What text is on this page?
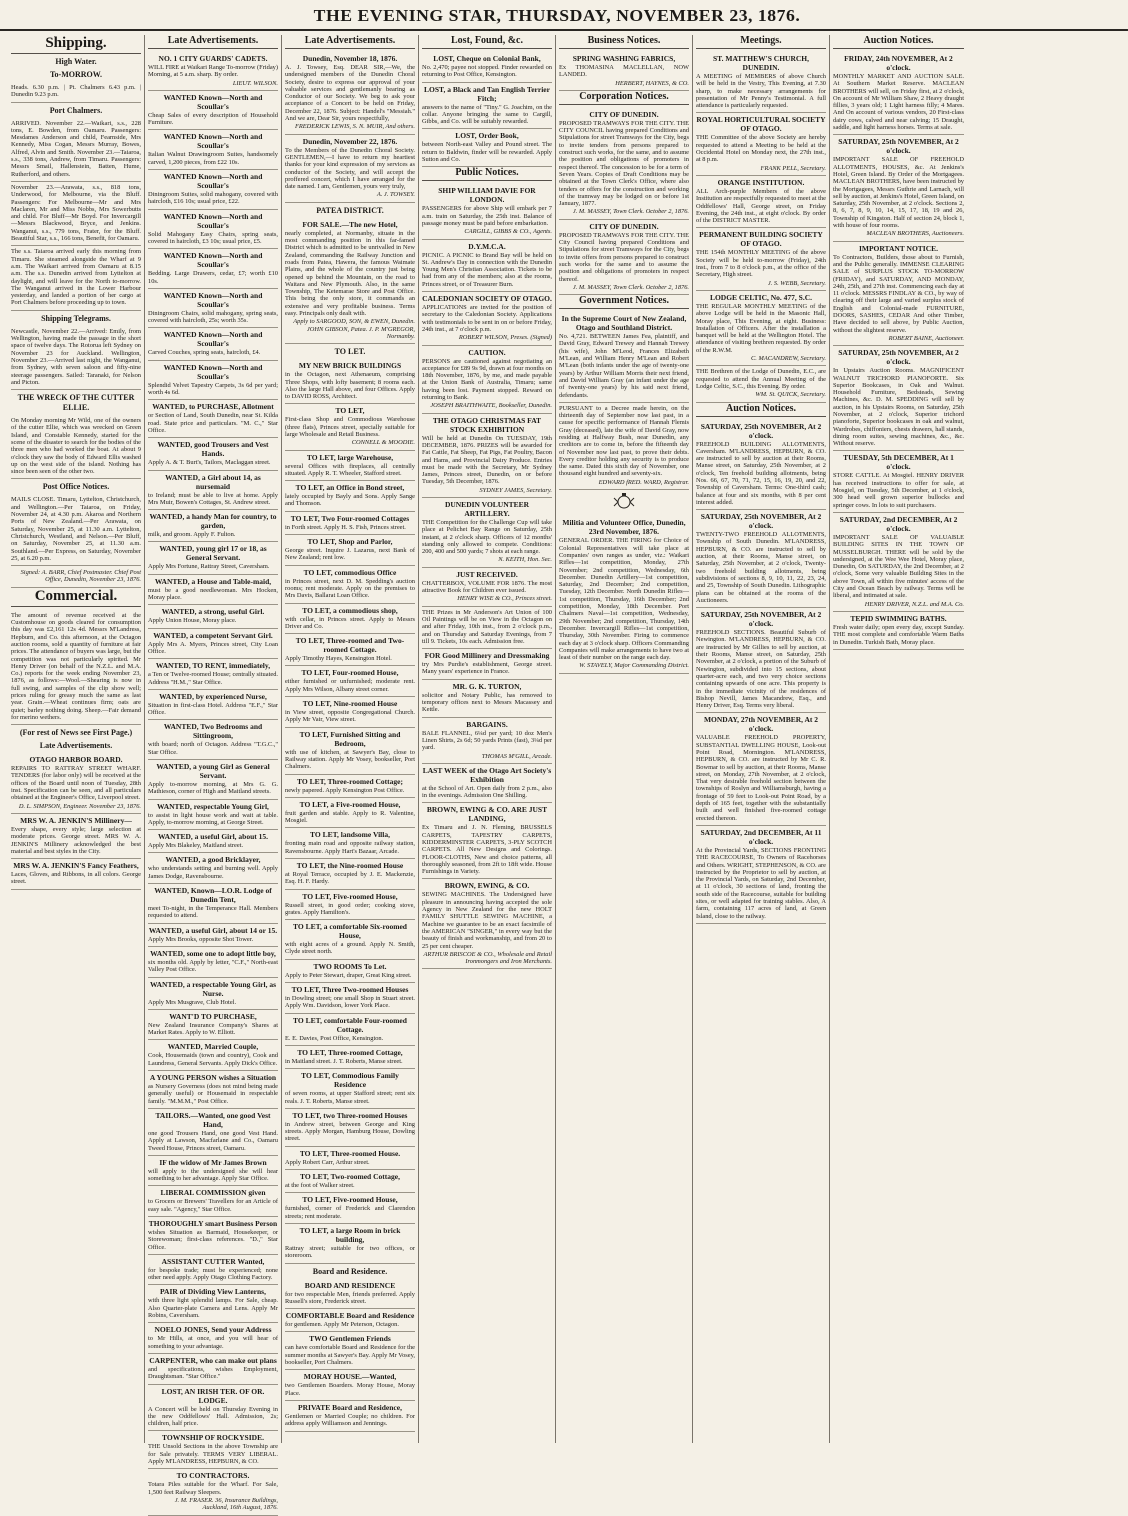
THE EVENING STAR, THURSDAY, NOVEMBER 23, 1876.
Shipping.
High Water.
To-MORROW.
Heads. 6.30 p.m. | Pt. Chalmers 6.43 p.m. | Dunedin 9.23 p.m.
Port Chalmers.
ARRIVED. November 22.—Waikari, s.s., 228 tons, E. Bowden, from Oamaru. Passengers: Mesdames Anderson and child, Fearnside, Mrs Kennedy, Miss Cogan, Messrs Murray, Bowes, Alfred, Alvin and Smith. November 23.—Taiaroa, s.s., 338 tons, Andrew, from Timaru. Passengers: Messrs Smail, Hallenstein, Batten, Hume, Rutherford, and others.
November 23.—Arawata, s.s., 818 tons, Underwood, for Melbourne, via the Bluff. Passengers: For Melbourne—Mr and Mrs Maclaren, Mr and Miss Nobbs, Mrs Sowerbutts and child. For Bluff—Mr Boyd. For Invercargill—Messrs Blackwood, Bryce, and Jenkins. Wanganui, s.s., 779 tons, Frater, for the Bluff. Beautiful Star, s.s., 166 tons, Benefit, for Oamaru.
The s.s. Taiaroa arrived early this morning from Timaru. She steamed alongside the Wharf at 9 a.m. The Waikari arrived from Oamaru at 8.15 a.m. The s.s. Dunedin arrived from Lyttelton at daylight, and will leave for the North to-morrow. The Wanganui arrived in the Lower Harbour yesterday, and landed a portion of her cargo at Port Chalmers before proceeding up to town.
Shipping Telegrams.
Newcastle, November 22.—Arrived: Emily, from Wellington, having made the passage in the short space of twelve days. The Rotorua left Sydney on November 23 for Auckland. Wellington, November 23.—Arrived last night, the Wanganui, from Sydney, with seven saloon and fifty-nine steerage passengers. Sailed: Taranaki, for Nelson and Picton.
THE WRECK OF THE CUTTER ELLIE.
On Monday morning Mr Wild, one of the owners of the cutter Ellie, which was wrecked on Green Island, and Constable Kennedy, started for the scene of the disaster to search for the bodies of the three men who had worked the boat. At about 9 o'clock they saw the body of Edward Ellis washed up on the west side of the island. Nothing has since been seen of the other two.
Post Office Notices.
MAILS CLOSE. Timaru, Lyttelton, Christchurch, and Wellington.—Per Taiaroa, on Friday, November 24, at 4.30 p.m. Akaroa and Northern Ports of New Zealand.—Per Arawata, on Saturday, November 25, at 11.30 a.m. Lyttelton, Christchurch, Westland, and Nelson.—Per Bluff, on Saturday, November 25, at 11.30 a.m. Southland.—Per Express, on Saturday, November 25, at 6.20 p.m.
Signed: A. BARR, Chief Postmaster. Chief Post Office, Dunedin, November 23, 1876.
Commercial.
The amount of revenue received at the Customhouse on goods cleared for consumption this day was £2,161 12s 4d. Messrs M'Landress, Hepburn, and Co. this afternoon, at the Octagon auction rooms, sold a quantity of furniture at fair prices. The attendance of buyers was large, but the competition was not particularly spirited. Mr Henry Driver (on behalf of the N.Z.L. and M.A. Co.) reports for the week ending November 23, 1876, as follows:—Wool.—Shearing is now in full swing, and samples of the clip show well; prices ruling for greasy much the same as last year. Grain.—Wheat continues firm; oats are quiet; barley nothing doing. Sheep.—Fair demand for merino wethers.
(For rest of News see First Page.)
Late Advertisements.
OTAGO HARBOR BOARD.
REPAIRS TO RATTRAY STREET WHARF. TENDERS (for labor only) will be received at the offices of the Board until noon of Tuesday, 28th inst. Specification can be seen, and all particulars obtained at the Engineer's Office, Liverpool street.
D. L. SIMPSON, Engineer. November 23, 1876.
MRS W. A. JENKIN'S Millinery—
Every shape, every style; large selection at moderate prices. George street. MRS W. A. JENKIN'S Millinery acknowledged the best material and best styles in the City.
MRS W. A. JENKIN'S Fancy Feathers,
Laces, Gloves, and Ribbons, in all colors. George street.
Late Advertisements.
NO. 1 CITY GUARDS' CADETS.
WILL FIRE at Waikari Range To-morrow (Friday) Morning, at 5 a.m. sharp. By order.
LIEUT. WILSON.
WANTED Known—North and Scoullar's
Cheap Sales of every description of Household Furniture.
WANTED Known—North and Scoullar's
Italian Walnut Drawingroom Suites, handsomely carved, 1,200 pieces, from £22 10s.
WANTED Known—North and Scoullar's
Diningroom Suites, solid mahogany, covered with haircloth, £16 10s; usual price, £22.
WANTED Known—North and Scoullar's
Solid Mahogany Easy Chairs, spring seats, covered in haircloth, £3 10s; usual price, £5.
WANTED Known—North and Scoullar's
Bedding. Large Drawers, cedar, £7; worth £10 10s.
WANTED Known—North and Scoullar's
Diningroom Chairs, solid mahogany, spring seats, covered with haircloth, 25s; worth 35s.
WANTED Known—North and Scoullar's
Carved Couches, spring seats, haircloth, £4.
WANTED Known—North and Scoullar's
Splendid Velvet Tapestry Carpets, 3s 6d per yard; worth 4s 6d.
WANTED, to PURCHASE, Allotment
or Section of Land, South Dunedin, near St. Kilda road. State price and particulars. "M. C.," Star Office.
WANTED, good Trousers and Vest Hands.
Apply A. & T. Burt's, Tailors, Maclaggan street.
WANTED, a Girl about 14, as nursemaid
to Ireland; must be able to live at home. Apply Mrs Muir, Bowen's Cottages, St. Andrew street.
WANTED, a handy Man for country, to garden,
milk, and groom. Apply F. Fulton.
WANTED, young girl 17 or 18, as General Servant.
Apply Mrs Fortune, Rattray Street, Caversham.
WANTED, a House and Table-maid,
must be a good needlewoman. Mrs Hocken, Moray place.
WANTED, a strong, useful Girl.
Apply Union House, Moray place.
WANTED, a competent Servant Girl.
Apply Mrs A. Myers, Princes street, City Loan Office.
WANTED, TO RENT, immediately,
a Ten or Twelve-roomed House; centrally situated. Address "H.M.," Star Office.
WANTED, by experienced Nurse,
Situation in first-class Hotel. Address "E.F.," Star Office.
WANTED, Two Bedrooms and Sittingroom,
with board; north of Octagon. Address "T.G.C.," Star Office.
WANTED, a young Girl as General Servant.
Apply to-morrow morning, at Mrs G. G. Mathieson, corner of High and Maitland streets.
WANTED, respectable Young Girl,
to assist in light house work and wait at table. Apply, to-morrow morning, at George Street.
WANTED, a useful Girl, about 15.
Apply Mrs Blakeley, Maitland street.
WANTED, a good Bricklayer,
who understands setting and burning well. Apply James Dodge, Ravensbourne.
WANTED, Known—LO.R. Lodge of Dunedin Tent,
meet To-night, in the Temperance Hall. Members requested to attend.
WANTED, a useful Girl, about 14 or 15.
Apply Mrs Brooks, opposite Shot Tower.
WANTED, some one to adopt little boy,
six months old. Apply by letter, "C.F.," North-east Valley Post Office.
WANTED, a respectable Young Girl, as Nurse.
Apply Mrs Musgrave, Club Hotel.
WANT'D TO PURCHASE,
New Zealand Insurance Company's Shares at Market Rates. Apply to W. Elliott.
WANTED, Married Couple,
Cook, Housemaids (town and country), Cook and Laundress, General Servants. Apply Dick's Office.
A YOUNG PERSON wishes a Situation
as Nursery Governess (does not mind being made generally useful) or Housemaid in respectable family. "M.M.M.," Post Office.
TAILORS.—Wanted, one good Vest Hand,
one good Trousers Hand, one good Vest Hand. Apply at Lawson, Macfarlane and Co., Oamaru Tweed House, Princes street, Oamaru.
IF the widow of Mr James Brown
will apply to the undersigned she will hear something to her advantage. Apply Star Office.
LIBERAL COMMISSION given
to Grocers or Brewers' Travellers for an Article of easy sale. "Agency," Star Office.
THOROUGHLY smart Business Person
wishes Situation as Barmaid, Housekeeper, or Storewoman; first-class references. "D.," Star Office.
ASSISTANT CUTTER Wanted,
for bespoke trade; must be experienced; none other need apply. Apply Otago Clothing Factory.
PAIR of Dividing View Lanterns,
with three light splendid lamps. For Sale, cheap. Also Quarter-plate Camera and Lens. Apply Mr Robins, Caversham.
NOELO JONES, Send your Address
to Mr Hills, at once, and you will hear of something to your advantage.
CARPENTER, who can make out plans
and specifications, wishes Employment, Draughtsman. "Star Office."
LOST, AN IRISH TER. OF OR. LODGE.
A Concert will be held on Thursday Evening in the new Oddfellows' Hall. Admission, 2s; children, half price.
TOWNSHIP OF ROCKYSIDE.
THE Unsold Sections in the above Township are for Sale privately. TERMS VERY LIBERAL. Apply M'LANDRESS, HEPBURN, & CO.
TO CONTRACTORS.
Totara Piles suitable for the Wharf. For Sale, 1,500 feet Railway Sleepers.
J. M. FRASER. 36, Insurance Buildings, Auckland, 16th August, 1876.
Late Advertisements.
Dunedin, November 18, 1876.
A. J. Towsey, Esq. DEAR SIR,—We, the undersigned members of the Dunedin Choral Society, desire to express our approval of your valuable services and gentlemanly bearing as Conductor of our Society. We beg to ask your acceptance of a Concert to be held on Friday, December 22, 1876. Subject: Handel's "Messiah." And we are, Dear Sir, yours respectfully,
FREDERICK LEWIS, S. N. MUIR, And others.
Dunedin, November 22, 1876.
To the Members of the Dunedin Choral Society. GENTLEMEN,—I have to return my heartiest thanks for your kind expression of my services as conductor of the Society, and will accept the proffered concert, which I have arranged for the date named. I am, Gentlemen, yours very truly,
A. J. TOWSEY.
PATEA DISTRICT.
FOR SALE.—The new Hotel,
nearly completed, at Normanby, situate in the most commanding position in this far-famed District which is admitted to be unrivalled in New Zealand, commanding the Railway Junction and roads from Patea, Hawera, the famous Waimate Plains, and the whole of the country just being opened up behind the Mountain, on the road to Waitara and New Plymouth. Also, in the same Township, The Ketemarae Store and Post Office. This being the only store, it commands an extensive and very profitable business. Terms easy. Principals only dealt with.
Apply to SARGOOD, SON, & EWEN, Dunedin. JOHN GIBSON, Patea. J. P. M'GREGOR, Normanby.
TO LET.
MY NEW BRICK BUILDINGS
in the Octagon, next Athenaeum, comprising Three Shops, with lofty basement; 8 rooms each. Also the large Hall above, and four Offices. Apply to DAVID ROSS, Architect.
TO LET,
First-class Shop and Commodious Warehouse (three flats), Princes street, specially suitable for large Wholesale and Retail Business.
CONNELL & MOODIE.
TO LET, large Warehouse,
several Offices with fireplaces, all centrally situated. Apply R. T. Wheeler, Stafford street.
TO LET, an Office in Bond street,
lately occupied by Bayly and Sons. Apply Sange and Thomson.
TO LET, Two Four-roomed Cottages
in Forth street. Apply H. S. Fish, Princes street.
TO LET, Shop and Parlor,
George street. Inquire J. Lazarus, next Bank of New Zealand; rent low.
TO LET, commodious Office
in Princes street, next D. M. Spedding's auction rooms; rent moderate. Apply on the premises to Mrs Davis, Ballarat Loan Office.
TO LET, a commodious shop,
with cellar, in Princes street. Apply to Messrs Driver and Co.
TO LET, Three-roomed and Two-roomed Cottage.
Apply Timothy Hayes, Kensington Hotel.
TO LET, Four-roomed House,
either furnished or unfurnished; moderate rent. Apply Mrs Wilson, Albany street corner.
TO LET, Nine-roomed House
in View street, opposite Congregational Church. Apply Mr Vair, View street.
TO LET, Furnished Sitting and Bedroom,
with use of kitchen, at Sawyer's Bay, close to Railway station. Apply Mr Vosey, bookseller, Port Chalmers.
TO LET, Three-roomed Cottage;
newly papered. Apply Kensington Post Office.
TO LET, a Five-roomed House,
fruit garden and stable. Apply to R. Valentine, Mosgiel.
TO LET, landsome Villa,
fronting main road and opposite railway station, Ravensbourne. Apply Hart's Bazaar, Arcade.
TO LET, the Nine-roomed House
at Royal Terrace, occupied by J. E. Mackenzie, Esq. H. F. Hardy.
TO LET, Five-roomed House,
Russell street, in good order; cooking stove, grates. Apply Hamilton's.
TO LET, a comfortable Six-roomed House,
with eight acres of a ground. Apply N. Smith, Clyde street north.
TWO ROOMS To Let.
Apply to Peter Stewart, draper, Great King street.
TO LET, Three Two-roomed Houses
in Dowling street; one small Shop in Stuart street. Apply Wm. Davidson, lower York Place.
TO LET, comfortable Four-roomed Cottage.
E. E. Davies, Post Office, Kensington.
TO LET, Three-roomed Cottage,
in Maitland street. J. T. Roberts, Manse street.
TO LET, Commodious Family Residence
of seven rooms, at upper Stafford street; rent six reals. J. T. Roberts, Manse street.
TO LET, two Three-roomed Houses
in Andrew street, between George and King streets. Apply Morgan, Hamburg House, Dowling street.
TO LET, Three-roomed House.
Apply Robert Carr, Arthur street.
TO LET, Two-roomed Cottage,
at the foot of Walker street.
TO LET, Five-roomed House,
furnished, corner of Frederick and Clarendon streets; rent moderate.
TO LET, a large Room in brick building,
Rattray street; suitable for two offices, or storeroom.
Board and Residence.
BOARD AND RESIDENCE
for two respectable Men, friends preferred. Apply Russell's store, Frederick street.
COMFORTABLE Board and Residence
for gentlemen. Apply Mr Peterson, Octagon.
TWO Gentlemen Friends
can have comfortable Board and Residence for the summer months at Sawyer's Bay. Apply Mr Vosey, bookseller, Port Chalmers.
MORAY HOUSE.—Wanted,
two Gentlemen Boarders. Moray House, Moray Place.
PRIVATE Board and Residence,
Gentlemen or Married Couple; no children. For address apply Williamson and Jennings.
Lost, Found, &c.
LOST, Cheque on Colonial Bank,
No. 2,470; payee not stopped. Finder rewarded on returning to Post Office, Kensington.
LOST, a Black and Tan English Terrier Fitch;
answers to the name of "Tiny." G. Joachim, on the collar. Anyone bringing the same to Cargill, Gibbs, and Co. will be suitably rewarded.
LOST, Order Book,
between North-east Valley and Pound street. The return to Baldwin, finder will be rewarded. Apply Sutton and Co.
Public Notices.
SHIP WILLIAM DAVIE FOR LONDON.
PASSENGERS for above Ship will embark per 7 a.m. train on Saturday, the 25th inst. Balance of passage money must be paid before embarkation.
CARGILL, GIBBS & CO., Agents.
D.Y.M.C.A.
PICNIC. A PICNIC to Brand Bay will be held on St. Andrew's Day in connection with the Dunedin Young Men's Christian Association. Tickets to be had from any of the members; also at the rooms, Princes street, or of Treasurer Burn.
CALEDONIAN SOCIETY OF OTAGO.
APPLICATIONS are invited for the position of secretary to the Caledonian Society. Applications with testimonials to be sent in on or before Friday, 24th inst., at 7 o'clock p.m.
ROBERT WILSON, Preses. (Signed)
CAUTION.
PERSONS are cautioned against negotiating an acceptance for £89 9s 9d, drawn at four months on 18th November, 1876, by me, and made payable at the Union Bank of Australia, Timaru; same having been lost. Payment stopped. Reward on returning to Bank.
JOSEPH BRAITHWAITE, Bookseller, Dunedin.
THE OTAGO CHRISTMAS FAT STOCK EXHIBITION
Will be held at Dunedin On TUESDAY, 19th DECEMBER, 1876. PRIZES will be awarded for Fat Cattle, Fat Sheep, Fat Pigs, Fat Poultry, Bacon and Hams, and Provincial Dairy Produce. Entries must be made with the Secretary, Mr Sydney James, Princes street, Dunedin, on or before Tuesday, 5th December, 1876.
SYDNEY JAMES, Secretary.
DUNEDIN VOLUNTEER ARTILLERY.
THE Competition for the Challenge Cup will take place at Pelichet Bay Range on Saturday, 25th instant, at 2 o'clock sharp. Officers of 12 months' standing only allowed to compete. Conditions: 200, 400 and 500 yards; 7 shots at each range.
N. KEITH, Hon. Sec.
JUST RECEIVED.
CHATTERBOX, VOLUME FOR 1876. The most attractive Book for Children ever issued.
HENRY WISE & CO., Princes street.
THE Prizes in Mr Anderson's Art Union of 100 Oil Paintings will be on View in the Octagon on and after Friday, 10th inst., from 2 o'clock p.m., and on Thursday and Saturday Evenings, from 7 till 9. Tickets, 10s each. Admission free.
FOR Good Millinery and Dressmaking
try Mrs Purdie's establishment, George street. Many years' experience in France.
MR. G. K. TURTON,
solicitor and Notary Public, has removed to temporary offices next to Messrs Macassey and Kettle.
BARGAINS.
BALE FLANNEL, 6¼d per yard; 10 doz Men's Linen Shirts, 2s 6d; 50 yards Prints (fast), 3¼d per yard.
THOMAS M'GILL, Arcade.
LAST WEEK of the Otago Art Society's Exhibition
at the School of Art. Open daily from 2 p.m., also in the evenings. Admission One Shilling.
BROWN, EWING & CO. ARE JUST LANDING,
Ex Timaru and J. N. Fleming, BRUSSELS CARPETS, TAPESTRY CARPETS, KIDDERMINSTER CARPETS, 3-PLY SCOTCH CARPETS. All New Designs and Colorings. FLOOR-CLOTHS, New and choice patterns, all thoroughly seasoned, from 2ft to 18ft wide. House Furnishings in Variety.
BROWN, EWING, & CO.
SEWING MACHINES. The Undersigned have pleasure in announcing having accepted the sole Agency in New Zealand for the new HOLT FAMILY SHUTTLE SEWING MACHINE, a Machine we guarantee to be an exact facsimile of the AMERICAN "SINGER," in every way but the beauty of finish and workmanship, and from 20 to 25 per cent cheaper.
ARTHUR BRISCOE & CO., Wholesale and Retail Ironmongers and Iron Merchants.
Business Notices.
SPRING WASHING FABRICS,
Ex THOMASINA MACLELLAN, NOW LANDED.
HERBERT, HAYNES, & CO.
Corporation Notices.
CITY OF DUNEDIN.
PROPOSED TRAMWAYS FOR THE CITY. THE CITY COUNCIL having prepared Conditions and Stipulations for street Tramways for the City, begs to invite tenders from persons prepared to construct such works, for the same, and to assume the position and obligations of promoters in respect thereof. The concession to be for a term of Seven Years. Copies of Draft Conditions may be obtained at the Town Clerk's Office, where also tenders or offers for the construction and working of the tramway may be lodged on or before 1st January, 1877.
J. M. MASSEY, Town Clerk. October 2, 1876.
CITY OF DUNEDIN.
PROPOSED TRAMWAYS FOR THE CITY. THE City Council having prepared Conditions and Stipulations for street Tramways for the City, begs to invite offers from persons prepared to construct such works for the same and to assume the position and obligations of promoters in respect thereof.
J. M. MASSEY, Town Clerk. October 2, 1876.
Government Notices.
In the Supreme Court of New Zealand, Otago and Southland District.
No. 4,721. BETWEEN James Fea, plaintiff, and David Gray, Edward Trewey and Hannah Trewey (his wife), John M'Leod, Frances Elizabeth M'Lean, and William Henry M'Lean and Robert M'Lean (both infants under the age of twenty-one years) by Arthur William Morris their next friend, and David William Gray (an infant under the age of twenty-one years) by his said next friend, defendants.
PURSUANT to a Decree made herein, on the thirteenth day of September now last past, in a cause for specific performance of Hannah Flemis Gray (deceased), late the wife of David Gray, now residing at Halfway Bush, near Dunedin, any creditors are to come in, before the fifteenth day of November now last past, to prove their debts. Every creditor holding any security is to produce the same. Dated this sixth day of November, one thousand eight hundred and seventy-six.
EDWARD fRED. WARD, Registrar.
Militia and Volunteer Office, Dunedin, 23rd November, 1876.
GENERAL ORDER. THE FIRING for Choice of Colonial Representatives will take place at Companies' own ranges as under, viz.: Waikari Rifles—1st competition, Monday, 27th November; 2nd competition, Wednesday, 6th December. Dunedin Artillery—1st competition, Saturday, 2nd December; 2nd competition, Tuesday, 12th December. North Dunedin Rifles—1st competition, Thursday, 16th December; 2nd competition, Monday, 18th December. Port Chalmers Naval—1st competition, Wednesday, 29th November; 2nd competition, Thursday, 14th December. Invercargill Rifles—1st competition, Thursday, 30th November. Firing to commence each day at 3 o'clock sharp. Officers Commanding Companies will make arrangements to have two at least of their number on the range each day.
W. STAVELY, Major Commanding District.
Meetings.
ST. MATTHEW'S CHURCH, DUNEDIN.
A MEETING of MEMBERS of above Church will be held in the Vestry, This Evening, at 7.30 sharp, to make necessary arrangements for presentation of Mr Penny's Testimonial. A full attendance is particularly requested.
ROYAL HORTICULTURAL SOCIETY OF OTAGO.
THE Committee of the above Society are hereby requested to attend a Meeting to be held at the Occidental Hotel on Monday next, the 27th inst., at 8 p.m.
FRANK PELL, Secretary.
ORANGE INSTITUTION.
ALL Arch-purple Members of the above Institution are respectfully requested to meet at the Oddfellows' Hall, George street, on Friday Evening, the 24th inst., at eight o'clock. By order of the DISTRICT MASTER.
PERMANENT BUILDING SOCIETY OF OTAGO.
THE 154th MONTHLY MEETING of the above Society will be held to-morrow (Friday), 24th inst., from 7 to 8 o'clock p.m., at the office of the Secretary, High street.
J. S. WEBB, Secretary.
LODGE CELTIC, No. 477, S.C.
THE REGULAR MONTHLY MEETING of the above Lodge will be held in the Masonic Hall, Moray place, This Evening, at eight. Business: Installation of Officers. After the installation a banquet will be held at the Wellington Hotel. The attendance of visiting brethren requested. By order of the R.W.M.
C. MACANDREW, Secretary.
THE Brethren of the Lodge of Dunedin, E.C., are requested to attend the Annual Meeting of the Lodge Celtic, S.C., this Evening. By order.
WM. St. QUICK, Secretary.
Auction Notices.
SATURDAY, 25th NOVEMBER, At 2 o'clock.
FREEHOLD BUILDING ALLOTMENTS, Caversham. M'LANDRESS, HEPBURN, & CO. are instructed to sell by auction at their Rooms, Manse street, on Saturday, 25th November, at 2 o'clock, Ten freehold building allotments, being Nos. 66, 67, 70, 71, 72, 15, 16, 19, 20, and 22, Township of Caversham. Terms: One-third cash; balance at four and six months, with 8 per cent interest added.
SATURDAY, 25th NOVEMBER, At 2 o'clock.
TWENTY-TWO FREEHOLD ALLOTMENTS, Township of South Dunedin. M'LANDRESS, HEPBURN, & CO. are instructed to sell by auction, at their Rooms, Manse street, on Saturday, 25th November, at 2 o'clock, Twenty-two freehold building allotments, being subdivisions of sections 8, 9, 10, 11, 22, 23, 24, and 25, Township of South Dunedin. Lithographic plans can be obtained at the rooms of the Auctioneers.
SATURDAY, 25th NOVEMBER, At 2 o'clock.
FREEHOLD SECTIONS. Beautiful Suburb of Newington. M'LANDRESS, HEPBURN, & CO. are instructed by Mr Gillies to sell by auction, at their Rooms, Manse street, on Saturday, 25th November, at 2 o'clock, a portion of the Suburb of Newington, subdivided into 15 sections, about quarter-acre each, and two very choice sections containing upwards of one acre. This property is in the immediate vicinity of the residences of Bishop Nevill, James Macandrew, Esq., and Henry Driver, Esq. Terms very liberal.
MONDAY, 27th NOVEMBER, At 2 o'clock.
VALUABLE FREEHOLD PROPERTY, SUBSTANTIAL DWELLING HOUSE, Look-out Point Road, Mornington. M'LANDRESS, HEPBURN, & CO. are instructed by Mr C. R. Bowmar to sell by auction, at their Rooms, Manse street, on Monday, 27th November, at 2 o'clock, That very desirable freehold section between the townships of Roslyn and Williamsburgh, having a frontage of 59 feet to Look-out Point Road, by a depth of 165 feet, together with the substantially built and well finished five-roomed cottage erected thereon.
SATURDAY, 2nd DECEMBER, At 11 o'clock.
At the Provincial Yards, SECTIONS FRONTING THE RACECOURSE, To Owners of Racehorses and Others. WRIGHT, STEPHENSON, & CO. are instructed by the Proprietor to sell by auction, at the Provincial Yards, on Saturday, 2nd December, at 11 o'clock, 30 sections of land, fronting the south side of the Racecourse, suitable for building sites, or well adapted for training stables. Also, A farm, containing 117 acres of land, at Green Island, close to the railway.
Auction Notices.
FRIDAY, 24th NOVEMBER, At 2 o'clock.
MONTHLY MARKET AND AUCTION SALE. At Southern Market Reserve. MACLEAN BROTHERS will sell, on Friday first, at 2 o'clock, On account of Mr William Shaw, 2 Heavy draught fillies, 3 years old; 1 Light harness filly; 4 Mares. And On account of various vendors, 20 First-class dairy cows, calved and near calving; 15 Draught, saddle, and light harness horses. Terms at sale.
SATURDAY, 25th NOVEMBER, At 2 o'clock.
IMPORTANT SALE OF FREEHOLD ALLOTMENTS, HOUSES, &c. At Jenkins's Hotel, Green Island. By Order of the Mortgagees. MACLEAN BROTHERS, have been instructed by the Mortgagees, Messrs Guthrie and Larnach, will sell by auction, at Jenkins's Hotel, Green Island, on Saturday, 25th November, at 2 o'clock. Sections 2, 8, 6, 7, 8, 9, 10, 14, 15, 17, 18, 19 and 26, Township of Kingston. Half of section 24, block 1, with house of four rooms.
MACLEAN BROTHERS, Auctioneers.
IMPORTANT NOTICE.
To Contractors, Builders, those about to Furnish, and the Public generally. IMMENSE CLEARING SALE of SURPLUS STOCK TO-MORROW (FRIDAY), and SATURDAY, AND MONDAY, 24th, 25th, and 27th inst. Commencing each day at 11 o'clock. MESSRS FINDLAY & CO., by way of clearing off their large and varied surplus stock of English and Colonial-made FURNITURE, DOORS, SASHES, CEDAR And other Timber, Have decided to sell above, by Public Auction, without the slightest reserve.
ROBERT BAINE, Auctioneer.
SATURDAY, 25th NOVEMBER, At 2 o'clock.
In Upstairs Auction Rooms. MAGNIFICENT WALNUT TRICHORD PIANOFORTE. Six Superior Bookcases, in Oak and Walnut. Household Furniture, Bedsteads, Sewing Machines, &c. D. M. SPEDDING will sell by auction, in his Upstairs Rooms, on Saturday, 25th November, at 2 o'clock, Superior trichord pianoforte, Superior bookcases in oak and walnut, Wardrobes, chiffoniers, chests drawers, hall stands, dining room suites, sewing machines, &c., &c. Without reserve.
TUESDAY, 5th DECEMBER, At 1 o'clock.
STORE CATTLE. At Mosgiel. HENRY DRIVER has received instructions to offer for sale, at Mosgiel, on Tuesday, 5th December, at 1 o'clock, 300 head well grown superior bullocks and springer cows. In lots to suit purchasers.
SATURDAY, 2nd DECEMBER, At 2 o'clock.
IMPORTANT SALE OF VALUABLE BUILDING SITES IN THE TOWN OF MUSSELBURGH. THERE will be sold by the undersigned, at the Wee Wee Hotel, Moray place, Dunedin, On SATURDAY, the 2nd December, at 2 o'clock, Some very valuable Building Sites in the above Town, all within five minutes' access of the City and Ocean Beach by railway. Terms will be liberal, and intimated at sale.
HENRY DRIVER, N.Z.L. and M.A. Co.
TEPID SWIMMING BATHS.
Fresh water daily; open every day, except Sunday. THE most complete and comfortable Warm Baths in Dunedin. Turkish Bath, Moray place.
